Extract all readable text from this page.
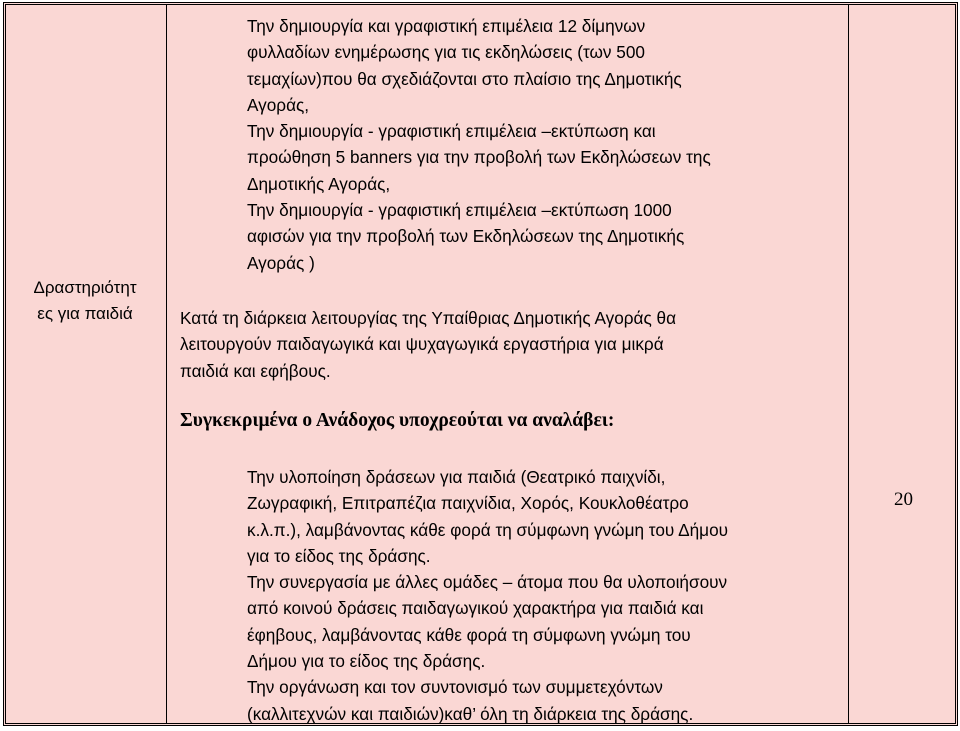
Δραστηριότητ
ες για παιδιά
Την δημιουργία και γραφιστική επιμέλεια 12 δίμηνων
φυλλαδίων ενημέρωσης για τις εκδηλώσεις (των 500
τεμαχίων)που θα σχεδιάζονται στο πλαίσιο της Δημοτικής
Αγοράς,
Την δημιουργία - γραφιστική επιμέλεια –εκτύπωση και
προώθηση 5 banners για την προβολή των Εκδηλώσεων της
Δημοτικής Αγοράς,
Την δημιουργία - γραφιστική επιμέλεια –εκτύπωση 1000
αφισών για την προβολή των Εκδηλώσεων της Δημοτικής
Αγοράς )
Κατά τη διάρκεια λειτουργίας της Υπαίθριας Δημοτικής Αγοράς θα
λειτουργούν παιδαγωγικά και ψυχαγωγικά εργαστήρια για μικρά
παιδιά και εφήβους.
Συγκεκριμένα ο Ανάδοχος υποχρεούται να αναλάβει:
Την υλοποίηση δράσεων για παιδιά (Θεατρικό παιχνίδι,
Ζωγραφική, Επιτραπέζια παιχνίδια, Χορός, Κουκλοθέατρο
κ.λ.π.), λαμβάνοντας κάθε φορά τη σύμφωνη γνώμη του Δήμου
για το είδος της δράσης.
Την συνεργασία με άλλες ομάδες – άτομα που θα υλοποιήσουν
από κοινού δράσεις παιδαγωγικού χαρακτήρα για παιδιά και
έφηβους, λαμβάνοντας κάθε φορά τη σύμφωνη γνώμη του
Δήμου για το είδος της δράσης.
Την οργάνωση και τον συντονισμό των συμμετεχόντων
(καλλιτεχνών και παιδιών)καθ’ όλη τη διάρκεια της δράσης.
20
